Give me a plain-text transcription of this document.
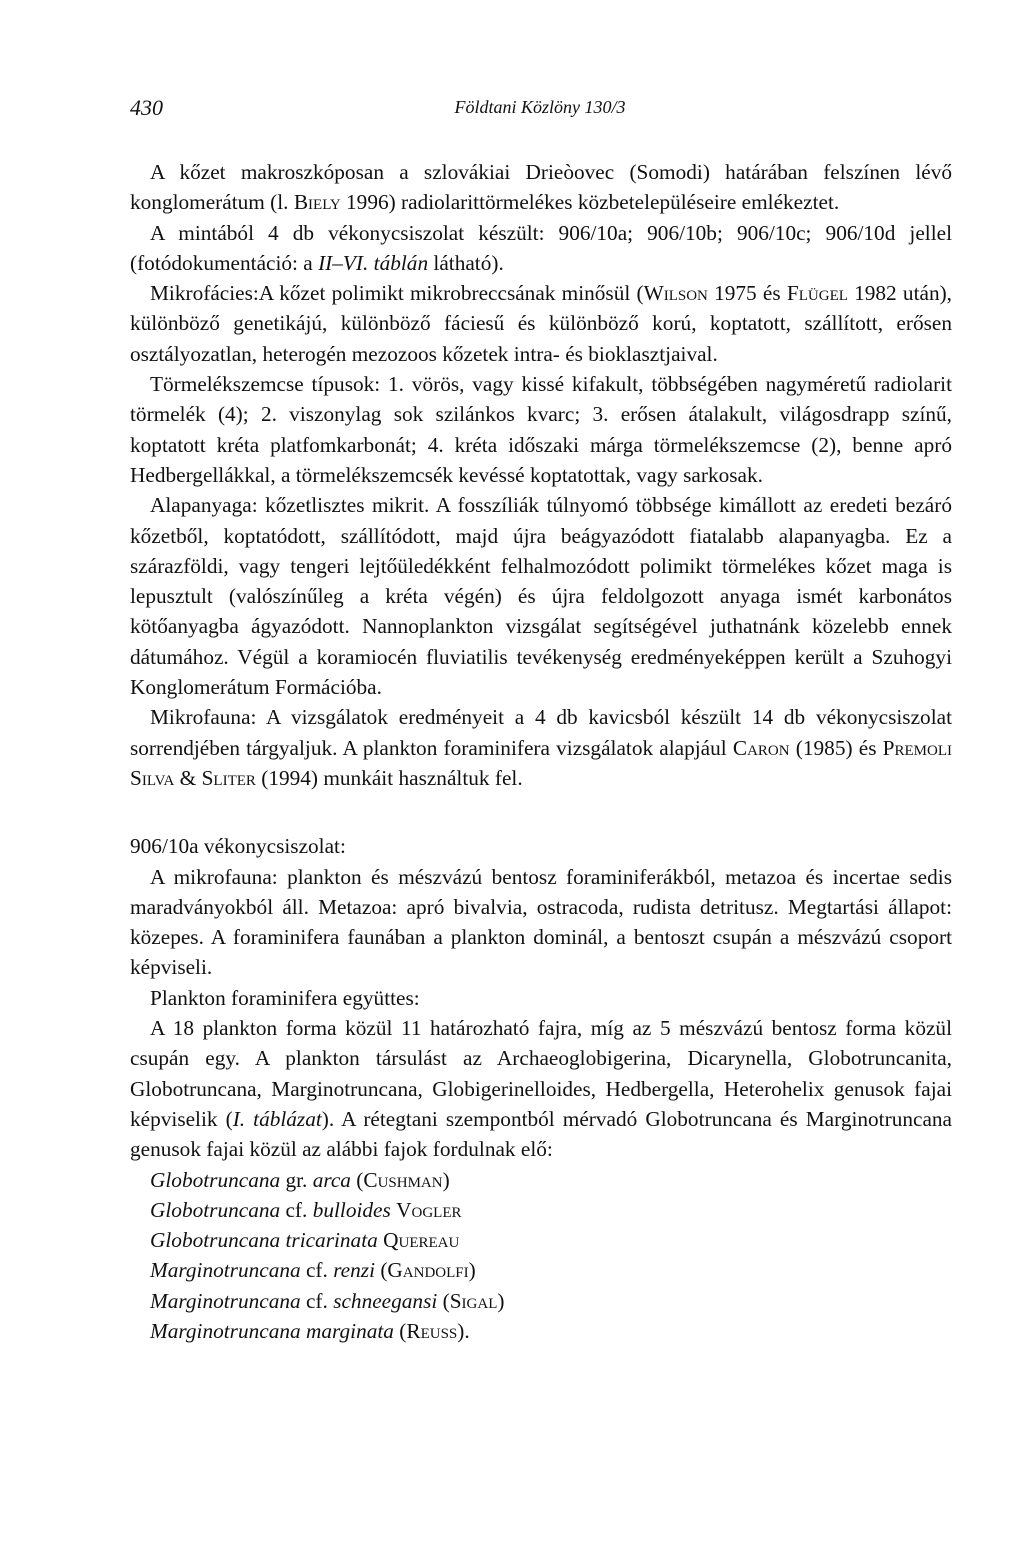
430	Földtani Közlöny 130/3

A kőzet makroszkóposan a szlovákiai Drieòovec (Somodi) határában felszínen lévő konglomerátum (l. Biely 1996) radiolarittörmelékes közbetelepüléseire emlékeztet.

A mintából 4 db vékonycsiszolat készült: 906/10a; 906/10b; 906/10c; 906/10d jellel (fotódokumentáció: a II–VI. táblán látható).

Mikrofácies:A kőzet polimikt mikrobreccsának minősül (Wilson 1975 és Flügel 1982 után), különböző genetikájú, különböző fáciesű és különböző korú, koptatott, szállított, erősen osztályozatlan, heterogén mezozoos kőzetek intra- és bioklasztjaival.

Törmelékszemcse típusok: 1. vörös, vagy kissé kifakult, többségében nagyméretű radiolarit törmelék (4); 2. viszonylag sok szilánkos kvarc; 3. erősen átalakult, világosdrapp színű, koptatott kréta platfomkarbonát; 4. kréta időszaki márga törmelékszemcse (2), benne apró Hedbergellákkal, a törmelékszemcsék kevéssé koptatottak, vagy sarkosak.

Alapanyaga: kőzetlisztes mikrit. A fosszíliák túlnyomó többsége kimállott az eredeti bezáró kőzetből, koptatódott, szállítódott, majd újra beágyazódott fiatalabb alapanyagba. Ez a szárazföldi, vagy tengeri lejtőüledékként felhalmozódott polimikt törmelékes kőzet maga is lepusztult (valószínűleg a kréta végén) és újra feldolgozott anyaga ismét karbonátos kötőanyagba ágyazódott. Nannoplankton vizsgálat segítségével juthatnánk közelebb ennek dátumához. Végül a koramiocén fluviatilis tevékenység eredményeképpen került a Szuhogyi Konglomerátum Formációba.

Mikrofauna: A vizsgálatok eredményeit a 4 db kavicsból készült 14 db vékonycsiszolat sorrendjében tárgyaljuk. A plankton foraminifera vizsgálatok alapjául Caron (1985) és Premoli Silva & Sliter (1994) munkáit használtuk fel.

906/10a vékonycsiszolat:

A mikrofauna: plankton és mészvázú bentosz foraminiferákból, metazoa és incertae sedis maradványokból áll. Metazoa: apró bivalvia, ostracoda, rudista detritusz. Megtartási állapot: közepes. A foraminifera faunában a plankton dominál, a bentoszt csupán a mészvázú csoport képviseli.

Plankton foraminifera együttes:

A 18 plankton forma közül 11 határozható fajra, míg az 5 mészvázú bentosz forma közül csupán egy. A plankton társulást az Archaeoglobigerina, Dicarynella, Globotruncanita, Globotruncana, Marginotruncana, Globigerinelloides, Hedbergella, Heterohelix genusok fajai képviselik (I. táblázat). A rétegtani szempontból mérvadó Globotruncana és Marginotruncana genusok fajai közül az alábbi fajok fordulnak elő:

Globotruncana gr. arca (Cushman)

Globotruncana cf. bulloides Vogler

Globotruncana tricarinata Quereau

Marginotruncana cf. renzi (Gandolfi)

Marginotruncana cf. schneegansi (Sigal)

Marginotruncana marginata (Reuss).
